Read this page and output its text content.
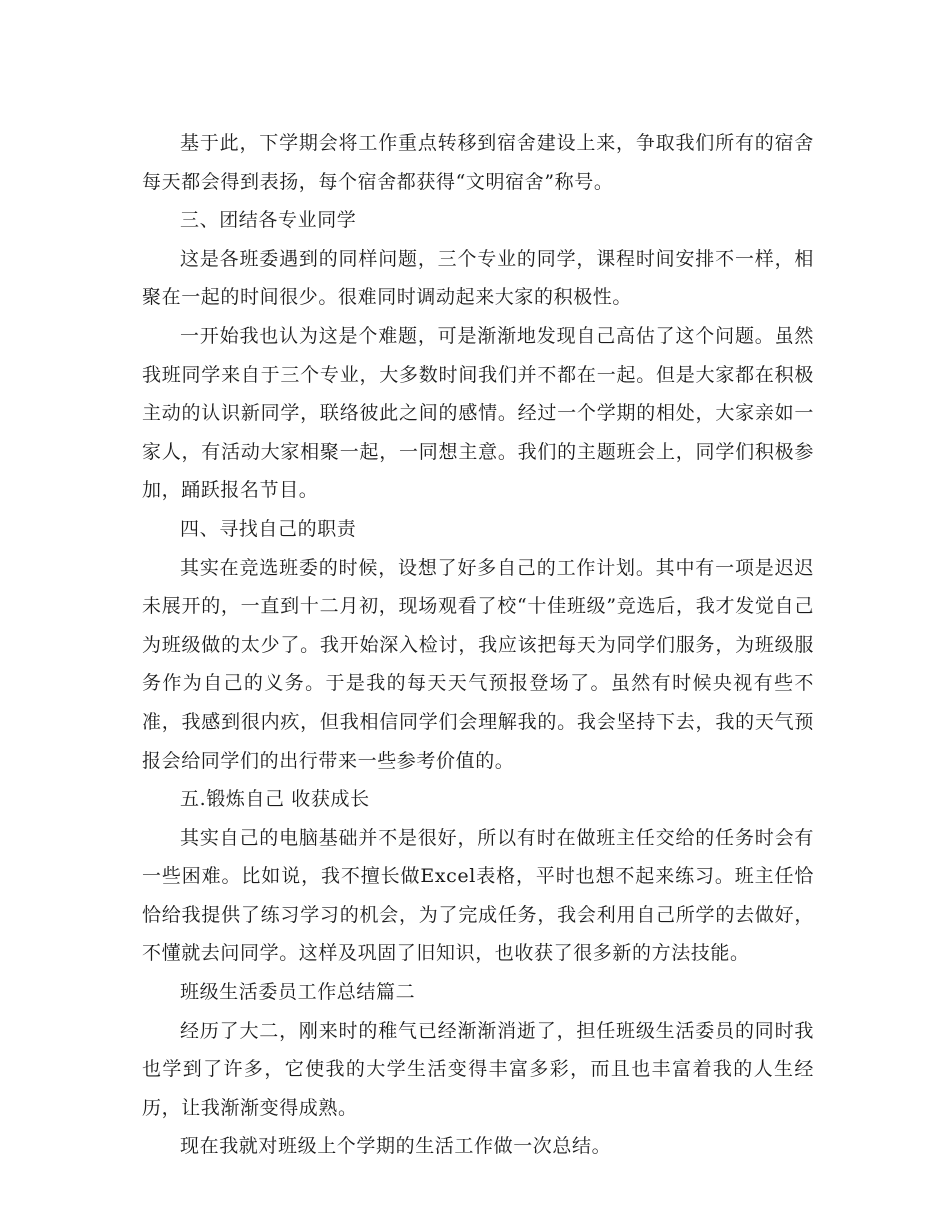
基于此，下学期会将工作重点转移到宿舍建设上来，争取我们所有的宿舍每天都会得到表扬，每个宿舍都获得“文明宿舍”称号。

三、团结各专业同学

这是各班委遇到的同样问题，三个专业的同学，课程时间安排不一样，相聚在一起的时间很少。很难同时调动起来大家的积极性。

一开始我也认为这是个难题，可是渐渐地发现自己高估了这个问题。虽然我班同学来自于三个专业，大多数时间我们并不都在一起。但是大家都在积极主动的认识新同学，联络彼此之间的感情。经过一个学期的相处，大家亲如一家人，有活动大家相聚一起，一同想主意。我们的主题班会上，同学们积极参加，踊跃报名节目。

四、寻找自己的职责

其实在竞选班委的时候，设想了好多自己的工作计划。其中有一项是迟迟未展开的，一直到十二月初，现场观看了校“十佳班级”竞选后，我才发觉自己为班级做的太少了。我开始深入检讨，我应该把每天为同学们服务，为班级服务作为自己的义务。于是我的每天天气预报登场了。虽然有时候央视有些不准，我感到很内疚，但我相信同学们会理解我的。我会坚持下去，我的天气预报会给同学们的出行带来一些参考价值的。

五.锻炼自己 收获成长

其实自己的电脑基础并不是很好，所以有时在做班主任交给的任务时会有一些困难。比如说，我不擅长做Excel表格，平时也想不起来练习。班主任恰恰给我提供了练习学习的机会，为了完成任务，我会利用自己所学的去做好，不懂就去问同学。这样及巩固了旧知识，也收获了很多新的方法技能。

班级生活委员工作总结篇二

经历了大二，刚来时的稚气已经渐渐消逝了，担任班级生活委员的同时我也学到了许多，它使我的大学生活变得丰富多彩，而且也丰富着我的人生经历，让我渐渐变得成熟。

现在我就对班级上个学期的生活工作做一次总结。
